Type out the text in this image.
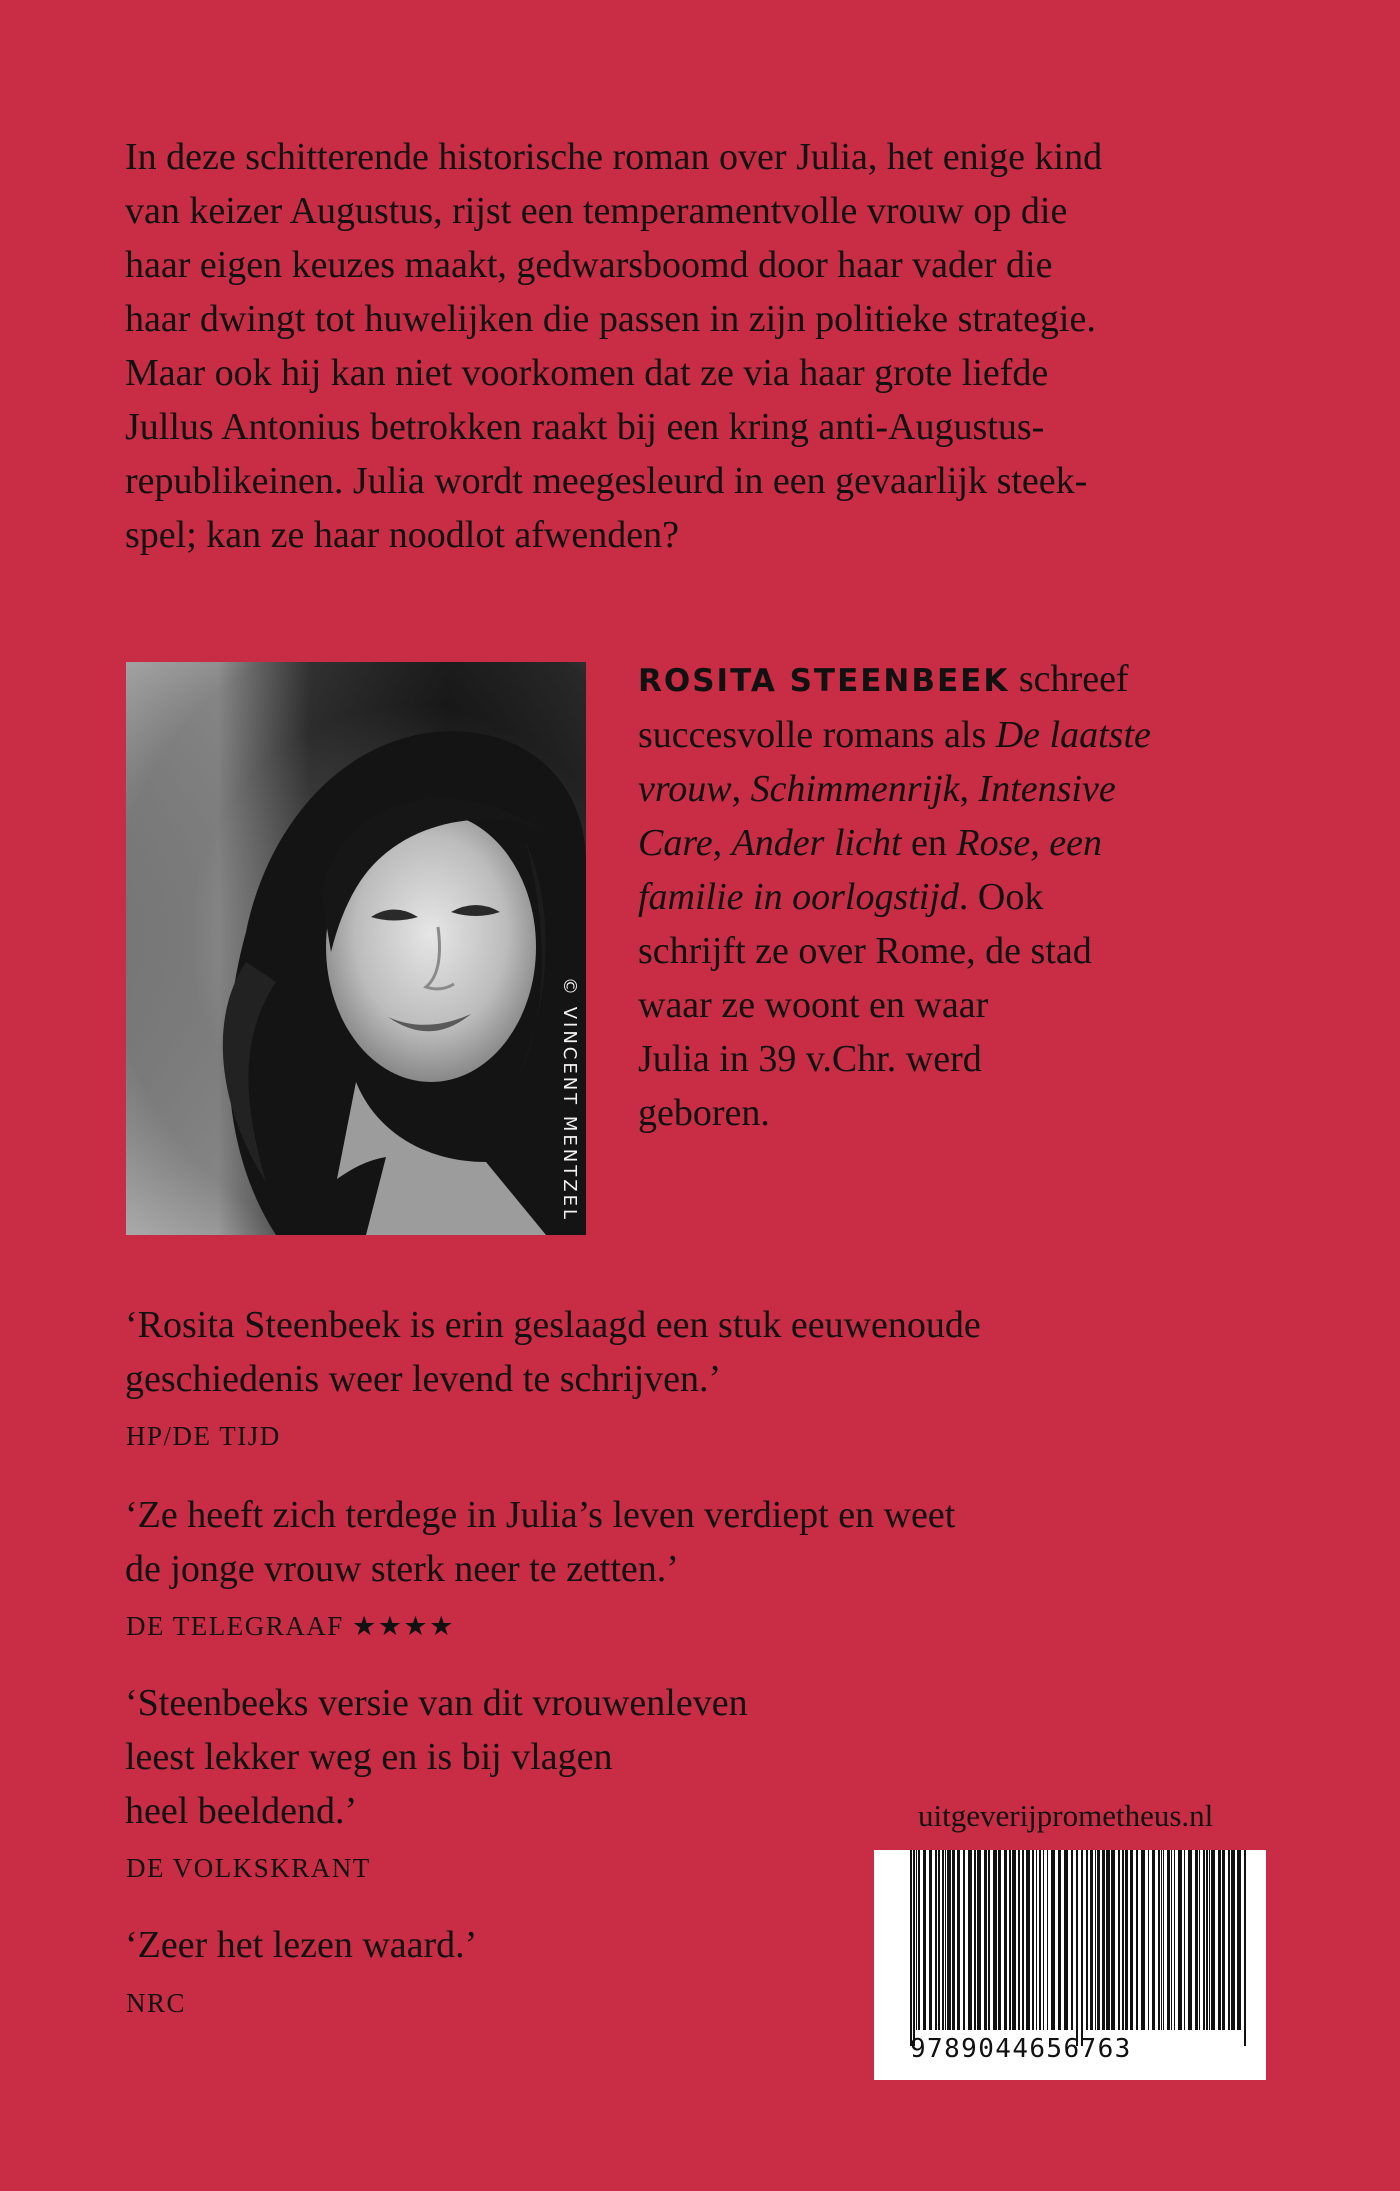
In deze schitterende historische roman over Julia, het enige kind
van keizer Augustus, rijst een temperamentvolle vrouw op die
haar eigen keuzes maakt, gedwarsboomd door haar vader die
haar dwingt tot huwelijken die passen in zijn politieke strategie.
Maar ook hij kan niet voorkomen dat ze via haar grote liefde
Jullus Antonius betrokken raakt bij een kring anti-Augustus-
republikeinen. Julia wordt meegesleurd in een gevaarlijk steek-
spel; kan ze haar noodlot afwenden?

© VINCENT MENTZEL

ROSITA STEENBEEK schreef
succesvolle romans als De laatste
vrouw, Schimmenrijk, Intensive
Care, Ander licht en Rose, een
familie in oorlogstijd. Ook
schrijft ze over Rome, de stad
waar ze woont en waar
Julia in 39 v.Chr. werd
geboren.

‘Rosita Steenbeek is erin geslaagd een stuk eeuwenoude
geschiedenis weer levend te schrijven.’

HP/DE TIJD

‘Ze heeft zich terdege in Julia’s leven verdiept en weet
de jonge vrouw sterk neer te zetten.’

DE TELEGRAAF ★★★★

‘Steenbeeks versie van dit vrouwenleven
leest lekker weg en is bij vlagen
heel beeldend.’

DE VOLKSKRANT

‘Zeer het lezen waard.’

NRC
uitgeverijprometheus.nl
9789044656763
